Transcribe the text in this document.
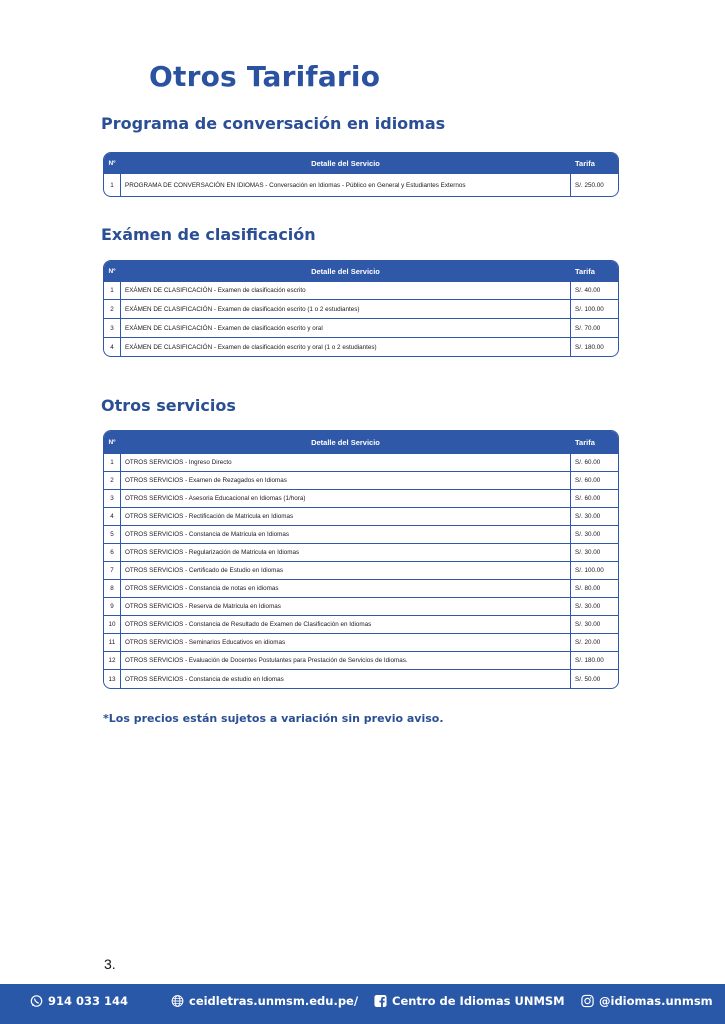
Otros Tarifario
Programa de conversación en idiomas
Nº	Detalle del Servicio	Tarifa
1	PROGRAMA DE CONVERSACIÓN EN IDIOMAS - Conversación en Idiomas - Público en General y Estudiantes Externos	S/. 250.00
Exámen de clasificación
Nº	Detalle del Servicio	Tarifa
1	EXÁMEN DE CLASIFICACIÓN - Examen de clasificación escrito	S/. 40.00
2	EXÁMEN DE CLASIFICACIÓN - Examen de clasificación escrito (1 o 2 estudiantes)	S/. 100.00
3	EXÁMEN DE CLASIFICACIÓN - Examen de clasificación escrito y oral	S/. 70.00
4	EXÁMEN DE CLASIFICACIÓN - Examen de clasificación escrito y oral (1 o 2 estudiantes)	S/. 180.00
Otros servicios
Nº	Detalle del Servicio	Tarifa
1	OTROS SERVICIOS - Ingreso Directo	S/. 60.00
2	OTROS SERVICIOS - Examen de Rezagados en Idiomas	S/. 60.00
3	OTROS SERVICIOS - Asesoria Educacional en Idiomas (1/hora)	S/. 60.00
4	OTROS SERVICIOS - Rectificación de Matricula en Idiomas	S/. 30.00
5	OTROS SERVICIOS - Constancia de Matricula en Idiomas	S/. 30.00
6	OTROS SERVICIOS - Regularización de Matricula en Idiomas	S/. 30.00
7	OTROS SERVICIOS - Certificado de Estudio en Idiomas	S/. 100.00
8	OTROS SERVICIOS - Constancia de notas en idiomas	S/. 80.00
9	OTROS SERVICIOS - Reserva de Matricula en Idiomas	S/. 30.00
10	OTROS SERVICIOS - Constancia de Resultado de Examen de Clasificación en Idiomas	S/. 30.00
11	OTROS SERVICIOS - Seminarios Educativos en idiomas	S/. 20.00
12	OTROS SERVICIOS - Evaluación de Docentes Postulantes para Prestación de Servicios de Idiomas.	S/. 180.00
13	OTROS SERVICIOS - Constancia de estudio en Idiomas	S/. 50.00

*Los precios están sujetos a variación sin previo aviso.

3.
914 033 144	ceidletras.unmsm.edu.pe/	Centro de Idiomas UNMSM	@idiomas.unmsm
